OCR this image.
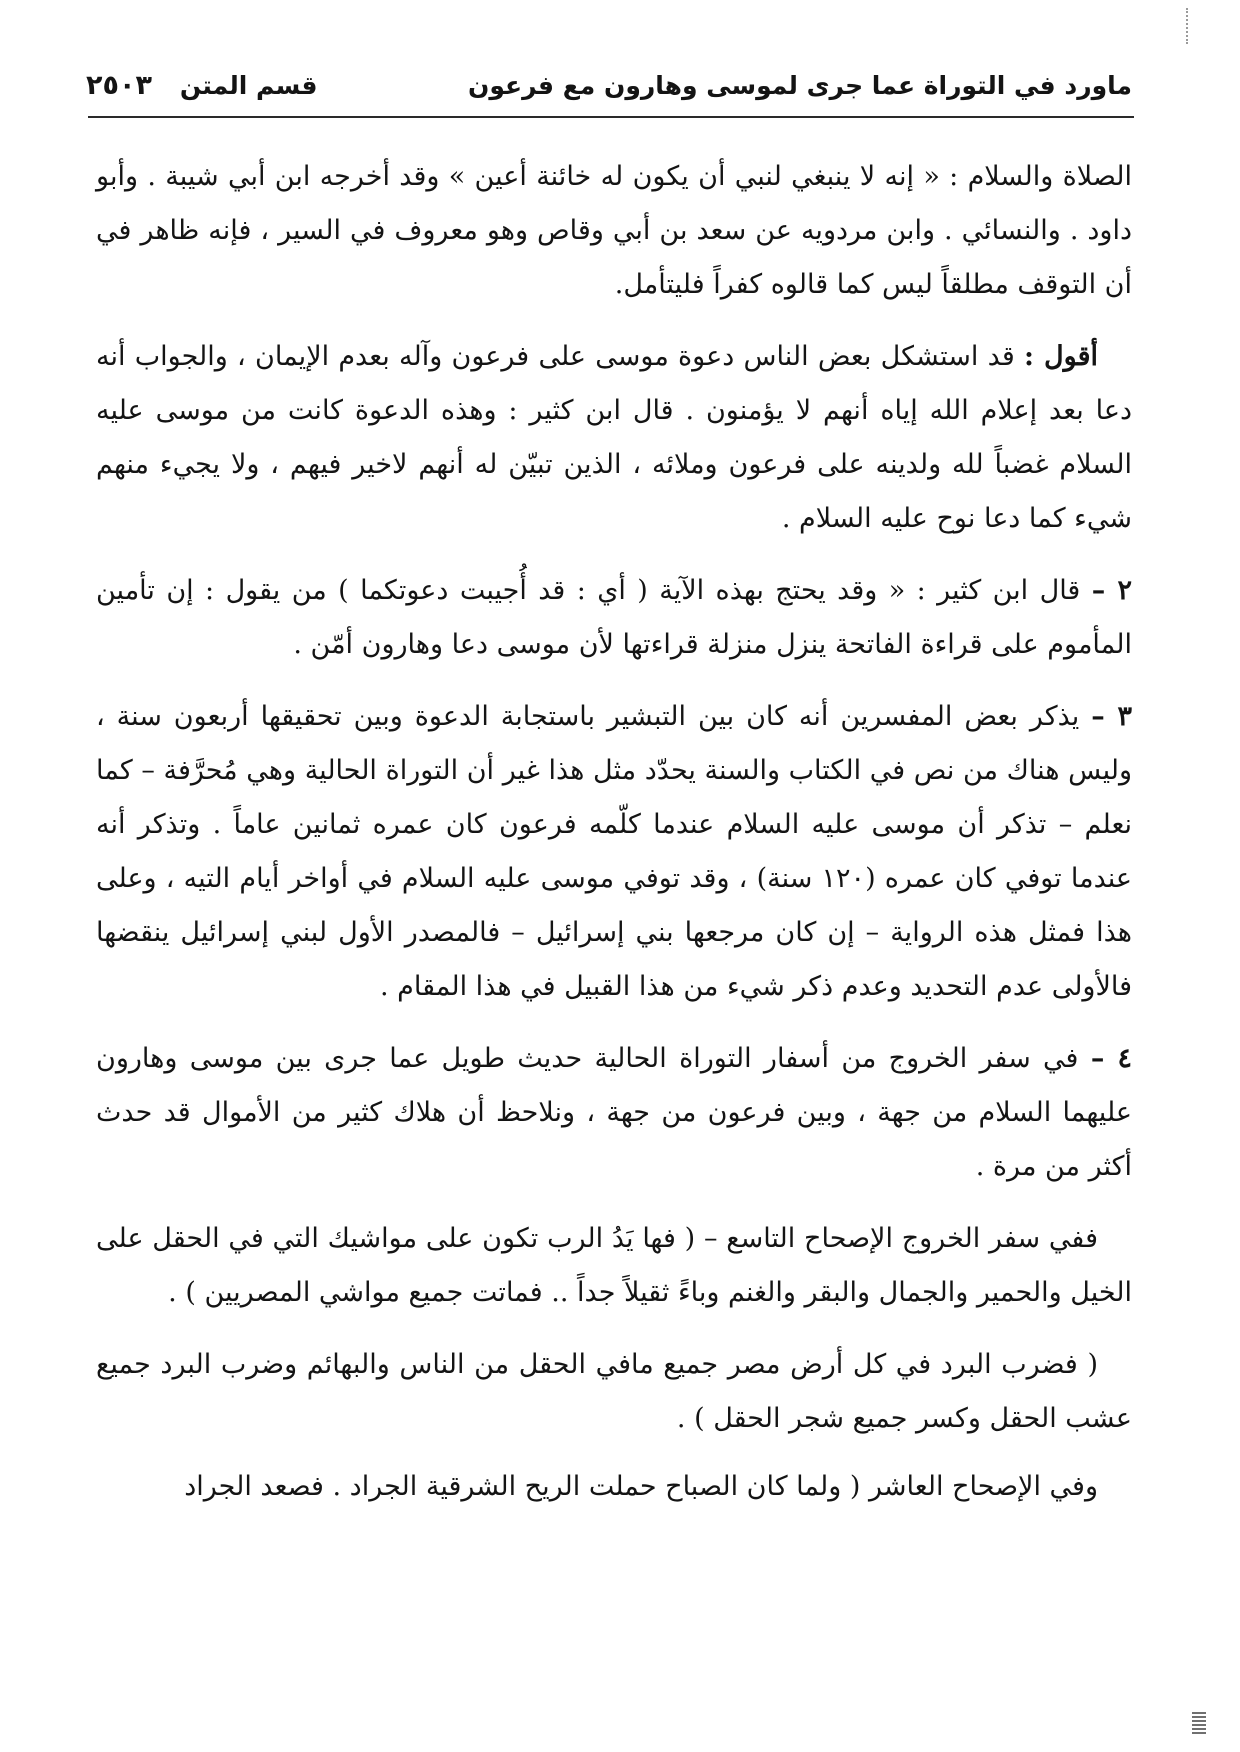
ماورد في التوراة عما جرى لموسى وهارون مع فرعون
قسم المتن
٢٥٠٣

الصلاة والسلام : « إنه لا ينبغي لنبي أن يكون له خائنة أعين » وقد أخرجه ابن أبي شيبة . وأبو داود . والنسائي . وابن مردويه عن سعد بن أبي وقاص وهو معروف في السير ، فإنه ظاهر في أن التوقف مطلقاً ليس كما قالوه كفراً فليتأمل.

أقول : قد استشكل بعض الناس دعوة موسى على فرعون وآله بعدم الإيمان ، والجواب أنه دعا بعد إعلام الله إياه أنهم لا يؤمنون . قال ابن كثير : وهذه الدعوة كانت من موسى عليه السلام غضباً لله ولدينه على فرعون وملائه ، الذين تبيّن له أنهم لاخير فيهم ، ولا يجيء منهم شيء كما دعا نوح عليه السلام .

٢ – قال ابن كثير : « وقد يحتج بهذه الآية ( أي : قد أُجيبت دعوتكما ) من يقول : إن تأمين المأموم على قراءة الفاتحة ينزل منزلة قراءتها لأن موسى دعا وهارون أمّن .

٣ – يذكر بعض المفسرين أنه كان بين التبشير باستجابة الدعوة وبين تحقيقها أربعون سنة ، وليس هناك من نص في الكتاب والسنة يحدّد مثل هذا غير أن التوراة الحالية وهي مُحرَّفة – كما نعلم – تذكر أن موسى عليه السلام عندما كلّمه فرعون كان عمره ثمانين عاماً . وتذكر أنه عندما توفي كان عمره (١٢٠ سنة) ، وقد توفي موسى عليه السلام في أواخر أيام التيه ، وعلى هذا فمثل هذه الرواية – إن كان مرجعها بني إسرائيل – فالمصدر الأول لبني إسرائيل ينقضها فالأولى عدم التحديد وعدم ذكر شيء من هذا القبيل في هذا المقام .

٤ – في سفر الخروج من أسفار التوراة الحالية حديث طويل عما جرى بين موسى وهارون عليهما السلام من جهة ، وبين فرعون من جهة ، ونلاحظ أن هلاك كثير من الأموال قد حدث أكثر من مرة .

ففي سفر الخروج الإصحاح التاسع – ( فها يَدُ الرب تكون على مواشيك التي في الحقل على الخيل والحمير والجمال والبقر والغنم وباءً ثقيلاً جداً .. فماتت جميع مواشي المصريين ) .

( فضرب البرد في كل أرض مصر جميع مافي الحقل من الناس والبهائم وضرب البرد جميع عشب الحقل وكسر جميع شجر الحقل ) .

وفي الإصحاح العاشر ( ولما كان الصباح حملت الريح الشرقية الجراد . فصعد الجراد
